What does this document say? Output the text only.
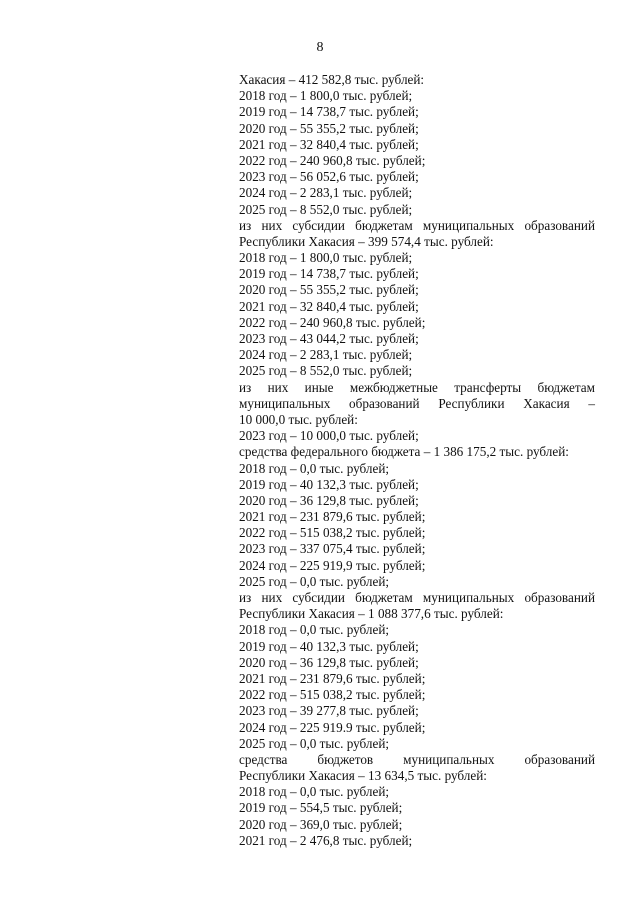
8
Хакасия – 412 582,8 тыс. рублей:
2018 год – 1 800,0 тыс. рублей;
2019 год – 14 738,7 тыс. рублей;
2020 год – 55 355,2 тыс. рублей;
2021 год – 32 840,4 тыс. рублей;
2022 год – 240 960,8 тыс. рублей;
2023 год – 56 052,6 тыс. рублей;
2024 год – 2 283,1 тыс. рублей;
2025 год – 8 552,0 тыс. рублей;
из них субсидии бюджетам муниципальных образований
Республики Хакасия – 399 574,4 тыс. рублей:
2018 год – 1 800,0 тыс. рублей;
2019 год – 14 738,7 тыс. рублей;
2020 год – 55 355,2 тыс. рублей;
2021 год – 32 840,4 тыс. рублей;
2022 год – 240 960,8 тыс. рублей;
2023 год – 43 044,2 тыс. рублей;
2024 год – 2 283,1 тыс. рублей;
2025 год – 8 552,0 тыс. рублей;
из них иные межбюджетные трансферты бюджетам
муниципальных образований Республики Хакасия –
10 000,0 тыс. рублей:
2023 год – 10 000,0 тыс. рублей;
средства федерального бюджета – 1 386 175,2 тыс. рублей:
2018 год – 0,0 тыс. рублей;
2019 год – 40 132,3 тыс. рублей;
2020 год – 36 129,8 тыс. рублей;
2021 год – 231 879,6 тыс. рублей;
2022 год – 515 038,2 тыс. рублей;
2023 год – 337 075,4 тыс. рублей;
2024 год – 225 919,9 тыс. рублей;
2025 год – 0,0 тыс. рублей;
из них субсидии бюджетам муниципальных образований
Республики Хакасия – 1 088 377,6 тыс. рублей:
2018 год – 0,0 тыс. рублей;
2019 год – 40 132,3 тыс. рублей;
2020 год – 36 129,8 тыс. рублей;
2021 год – 231 879,6 тыс. рублей;
2022 год – 515 038,2 тыс. рублей;
2023 год – 39 277,8 тыс. рублей;
2024 год – 225 919.9 тыс. рублей;
2025 год – 0,0 тыс. рублей;
средства бюджетов муниципальных образований
Республики Хакасия – 13 634,5 тыс. рублей:
2018 год – 0,0 тыс. рублей;
2019 год – 554,5 тыс. рублей;
2020 год – 369,0 тыс. рублей;
2021 год – 2 476,8 тыс. рублей;
